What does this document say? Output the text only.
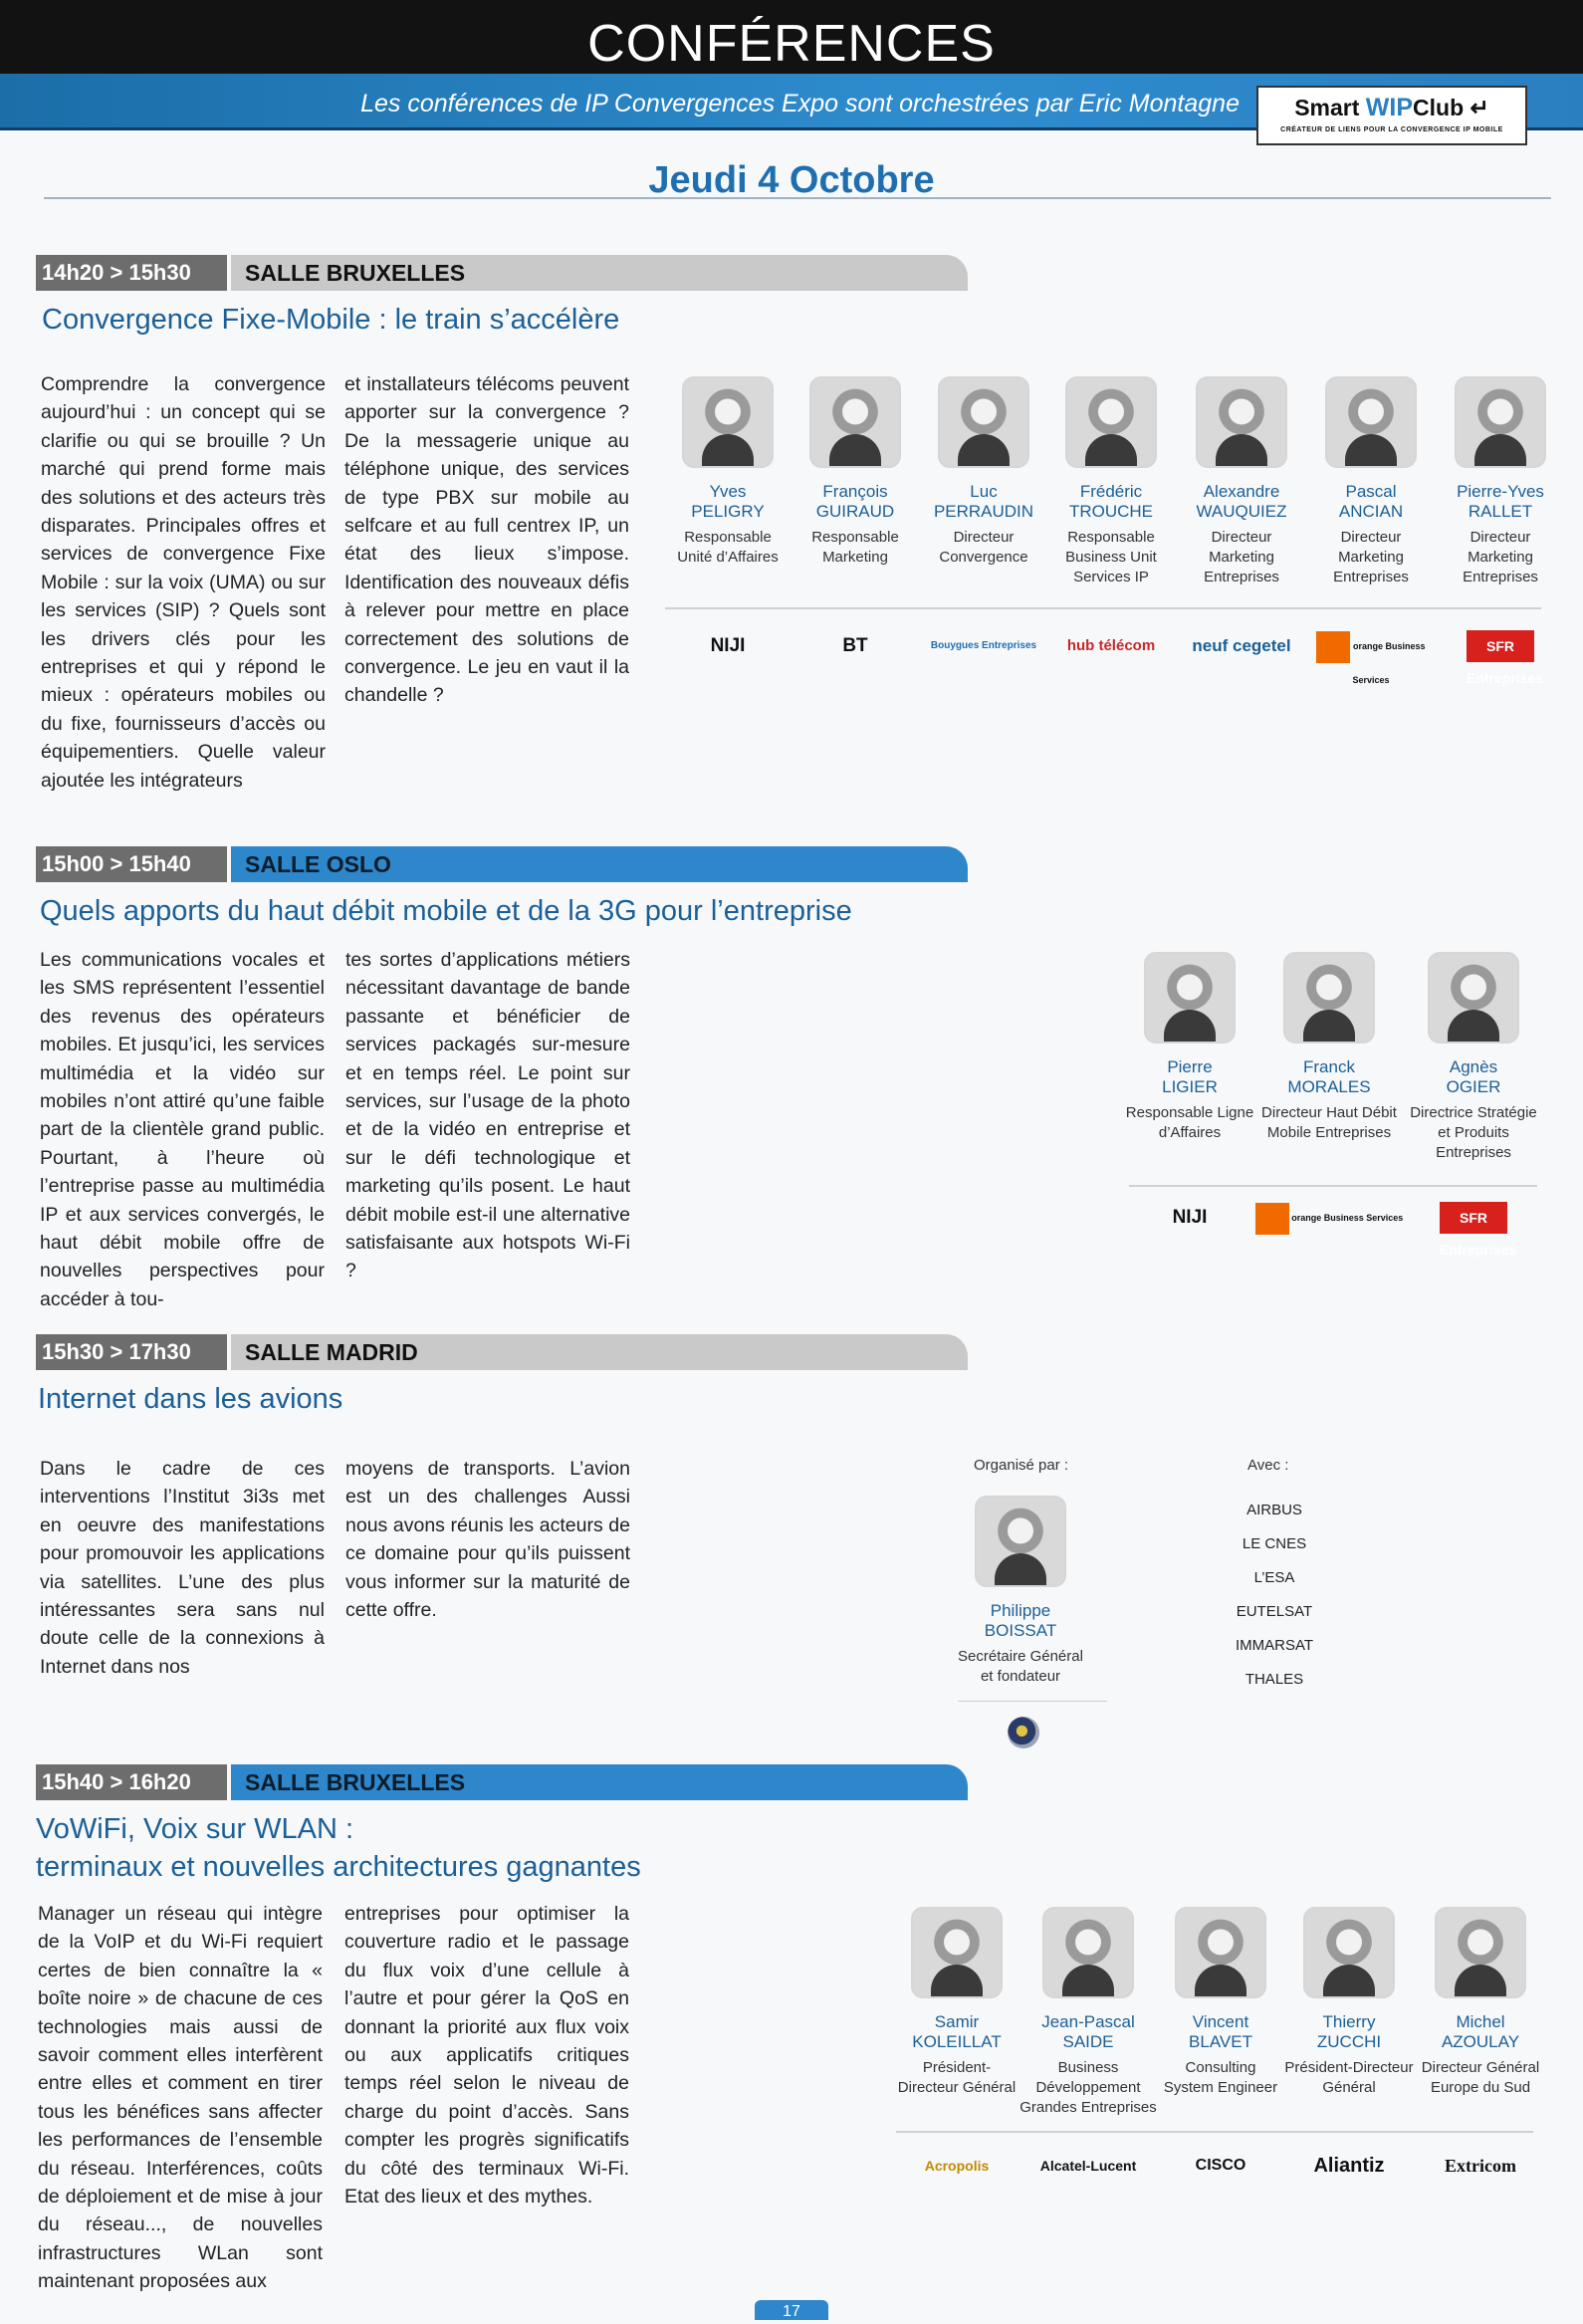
CONFÉRENCES
Les conférences de IP Convergences Expo sont orchestrées par Eric Montagne	Smart WIPClub ↵
CRÉATEUR DE LIENS POUR LA CONVERGENCE IP MOBILE
Jeudi 4 Octobre
14h20 > 15h30	SALLE BRUXELLES
Convergence Fixe-Mobile : le train s’accélère
Comprendre la convergence aujourd’hui : un concept qui se clarifie ou qui se brouille ? Un marché qui prend forme mais des solutions et des acteurs très disparates. Principales offres et services de convergence Fixe Mobile : sur la voix (UMA) ou sur les services (SIP) ? Quels sont les drivers clés pour les entreprises et qui y répond le mieux : opérateurs mobiles ou du fixe, fournisseurs d’accès ou équipementiers. Quelle valeur ajoutée les intégrateurs
et installateurs télécoms peuvent apporter sur la convergence ? De la messagerie unique au téléphone unique, des services de type PBX sur mobile au selfcare et au full centrex IP, un état des lieux s’impose. Identification des nouveaux défis à relever pour mettre en place correctement des solutions de convergence. Le jeu en vaut il la chandelle ?
Yves
PELIGRY
Responsable Unité d’Affaires
François
GUIRAUD
Responsable Marketing
Luc
PERRAUDIN
Directeur Convergence
Frédéric
TROUCHE
Responsable Business Unit Services IP
Alexandre
WAUQUIEZ
Directeur Marketing Entreprises
Pascal
ANCIAN
Directeur Marketing Entreprises
Pierre-Yves
RALLET
Directeur Marketing Entreprises
NIJI	BT	Bouygues Entreprises	hub télécom	neuf cegetel	orange Business Services
SFR Entreprises
15h00 > 15h40	SALLE OSLO
Quels apports du haut débit mobile et de la 3G pour l’entreprise
Les communications vocales et les SMS représentent l’essentiel des revenus des opérateurs mobiles. Et jusqu’ici, les services multimédia et la vidéo sur mobiles n’ont attiré qu’une faible part de la clientèle grand public. Pourtant, à l’heure où l’entreprise passe au multimédia IP et aux services convergés, le haut débit mobile offre de nouvelles perspectives pour accéder à tou-
tes sortes d’applications métiers nécessitant davantage de bande passante et bénéficier de services packagés sur-mesure et en temps réel. Le point sur services, sur l’usage de la photo et de la vidéo en entreprise et sur le défi technologique et marketing qu’ils posent. Le haut débit mobile est-il une alternative satisfaisante aux hotspots Wi-Fi ?
Pierre
LIGIER
Responsable Ligne d’Affaires
Franck
MORALES
Directeur Haut Débit Mobile Entreprises
Agnès
OGIER
Directrice Stratégie et Produits Entreprises
NIJI	orange Business Services	SFR Entreprises
15h30 > 17h30	SALLE MADRID
Internet dans les avions
Dans le cadre de ces interventions l’Institut 3i3s met en oeuvre des manifestations pour promouvoir les applications via satellites. L’une des plus intéressantes sera sans nul doute celle de la connexions à Internet dans nos
moyens de transports. L’avion est un des challenges Aussi nous avons réunis les acteurs de ce domaine pour qu’ils puissent vous informer sur la maturité de cette offre.
Organisé par :	Avec :
Philippe
BOISSAT
Secrétaire Général et fondateur
AIRBUS
LE CNES
L’ESA
EUTELSAT
IMMARSAT
THALES
15h40 > 16h20	SALLE BRUXELLES
VoWiFi, Voix sur WLAN :
terminaux et nouvelles architectures gagnantes
Manager un réseau qui intègre de la VoIP et du Wi-Fi requiert certes de bien connaître la « boîte noire » de chacune de ces technologies mais aussi de savoir comment elles interfèrent entre elles et comment en tirer tous les bénéfices sans affecter les performances de l’ensemble du réseau. Interférences, coûts de déploiement et de mise à jour du réseau..., de nouvelles infrastructures WLan sont maintenant proposées aux
entreprises pour optimiser la couverture radio et le passage du flux voix d’une cellule à l’autre et pour gérer la QoS en donnant la priorité aux flux voix ou aux applicatifs critiques temps réel selon le niveau de charge du point d’accès. Sans compter les progrès significatifs du côté des terminaux Wi-Fi. Etat des lieux et des mythes.
Samir
KOLEILLAT
Président-Directeur Général
Jean-Pascal
SAIDE
Business Développement Grandes Entreprises
Vincent
BLAVET
Consulting System Engineer
Thierry
ZUCCHI
Président-Directeur Général
Michel
AZOULAY
Directeur Général Europe du Sud
Acropolis	Alcatel-Lucent	CISCO	Aliantiz	Extricom
17
